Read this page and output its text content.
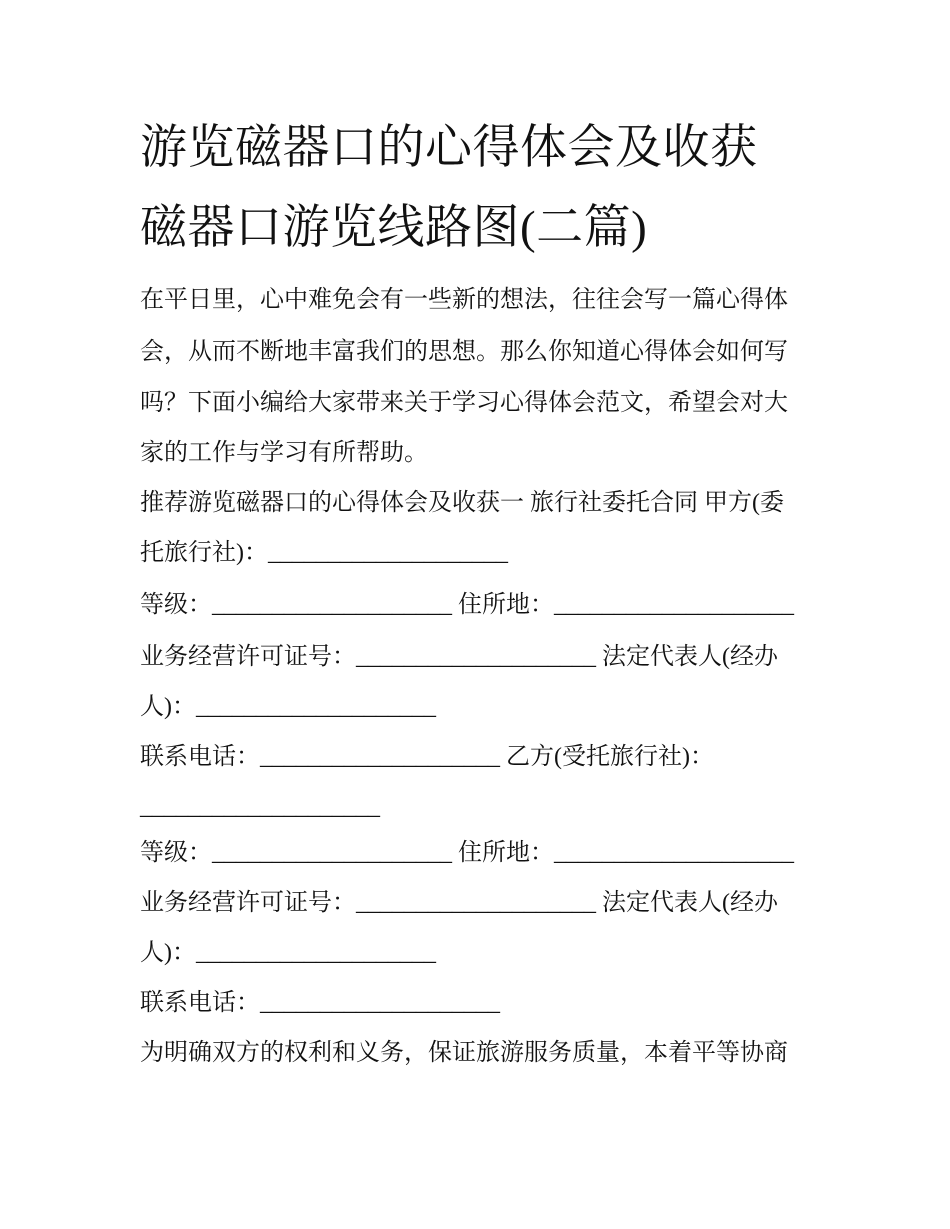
游览磁器口的心得体会及收获
磁器口游览线路图(二篇)
在平日里，心中难免会有一些新的想法，往往会写一篇心得体
会，从而不断地丰富我们的思想。那么你知道心得体会如何写
吗？下面小编给大家带来关于学习心得体会范文，希望会对大
家的工作与学习有所帮助。
推荐游览磁器口的心得体会及收获一 旅行社委托合同 甲方(委
托旅行社)：____________________
等级：____________________ 住所地：____________________
业务经营许可证号：____________________ 法定代表人(经办
人)：____________________
联系电话：____________________ 乙方(受托旅行社)：
____________________
等级：____________________ 住所地：____________________
业务经营许可证号：____________________ 法定代表人(经办
人)：____________________
联系电话：____________________
为明确双方的权利和义务，保证旅游服务质量，本着平等协商
